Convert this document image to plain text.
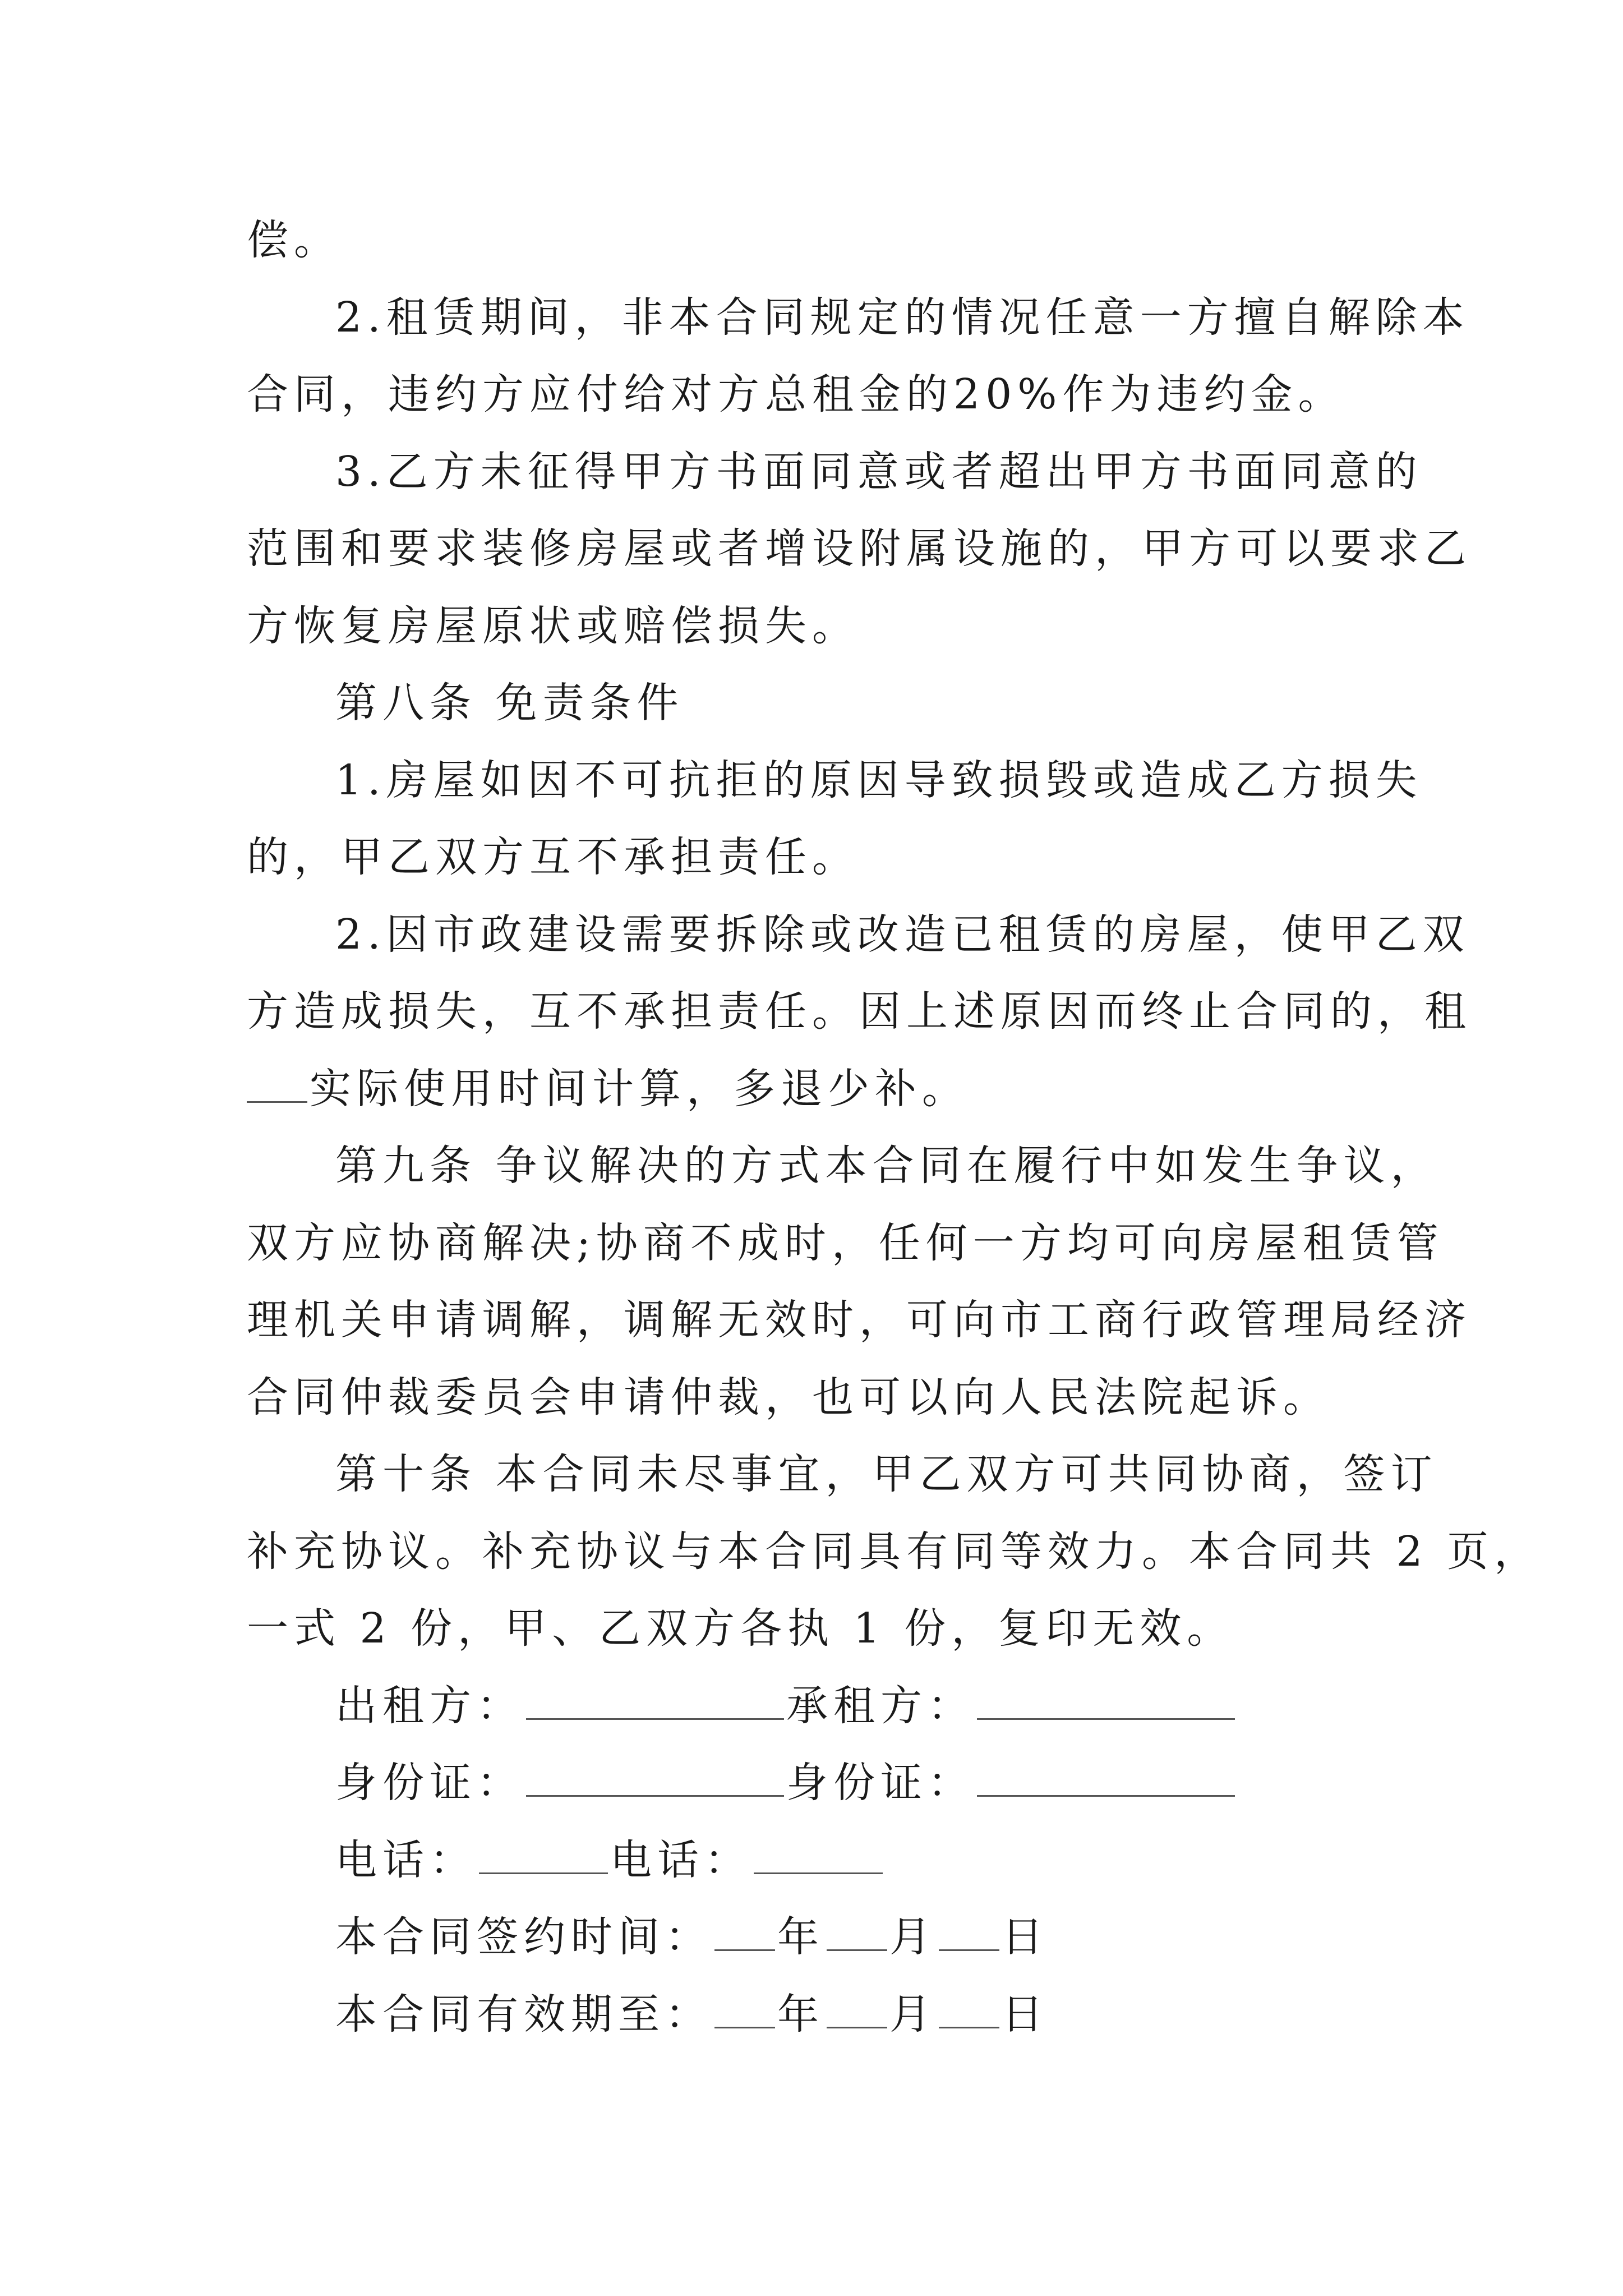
偿。
2.租赁期间，非本合同规定的情况任意一方擅自解除本
合同，违约方应付给对方总租金的20%作为违约金。
3.乙方未征得甲方书面同意或者超出甲方书面同意的
范围和要求装修房屋或者增设附属设施的，甲方可以要求乙
方恢复房屋原状或赔偿损失。
第八条 免责条件
1.房屋如因不可抗拒的原因导致损毁或造成乙方损失
的，甲乙双方互不承担责任。
2.因市政建设需要拆除或改造已租赁的房屋，使甲乙双
方造成损失，互不承担责任。因上述原因而终止合同的，租
实际使用时间计算，多退少补。
第九条 争议解决的方式本合同在履行中如发生争议，
双方应协商解决;协商不成时，任何一方均可向房屋租赁管
理机关申请调解，调解无效时，可向市工商行政管理局经济
合同仲裁委员会申请仲裁，也可以向人民法院起诉。
第十条 本合同未尽事宜，甲乙双方可共同协商，签订
补充协议。补充协议与本合同具有同等效力。本合同共 2 页，
一式 2 份，甲、乙双方各执 1 份，复印无效。
出租方：	承租方：
身份证：	身份证：
电话：	电话：
本合同签约时间： 年 月 日
本合同有效期至： 年 月 日
